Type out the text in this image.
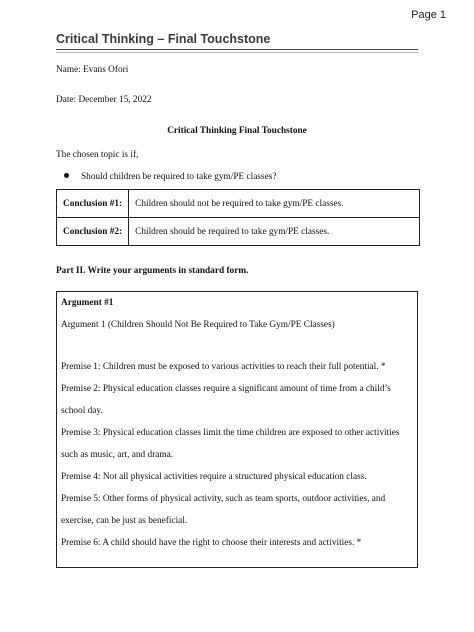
Page 1
Critical Thinking – Final Touchstone
Name: Evans Ofori
Date: December 15, 2022
Critical Thinking Final Touchstone
The chosen topic is if,
Should children be required to take gym/PE classes?
Conclusion #1:	Children should not be required to take gym/PE classes.
Conclusion #2:	Children should be required to take gym/PE classes.
Part II. Write your arguments in standard form.
Argument #1
Argument 1 (Children Should Not Be Required to Take Gym/PE Classes)
Premise 1: Children must be exposed to various activities to reach their full potential. *
Premise 2: Physical education classes require a significant amount of time from a child’s
school day.
Premise 3: Physical education classes limit the time children are exposed to other activities
such as music, art, and drama.
Premise 4: Not all physical activities require a structured physical education class.
Premise 5: Other forms of physical activity, such as team sports, outdoor activities, and
exercise, can be just as beneficial.
Premise 6: A child should have the right to choose their interests and activities. *
